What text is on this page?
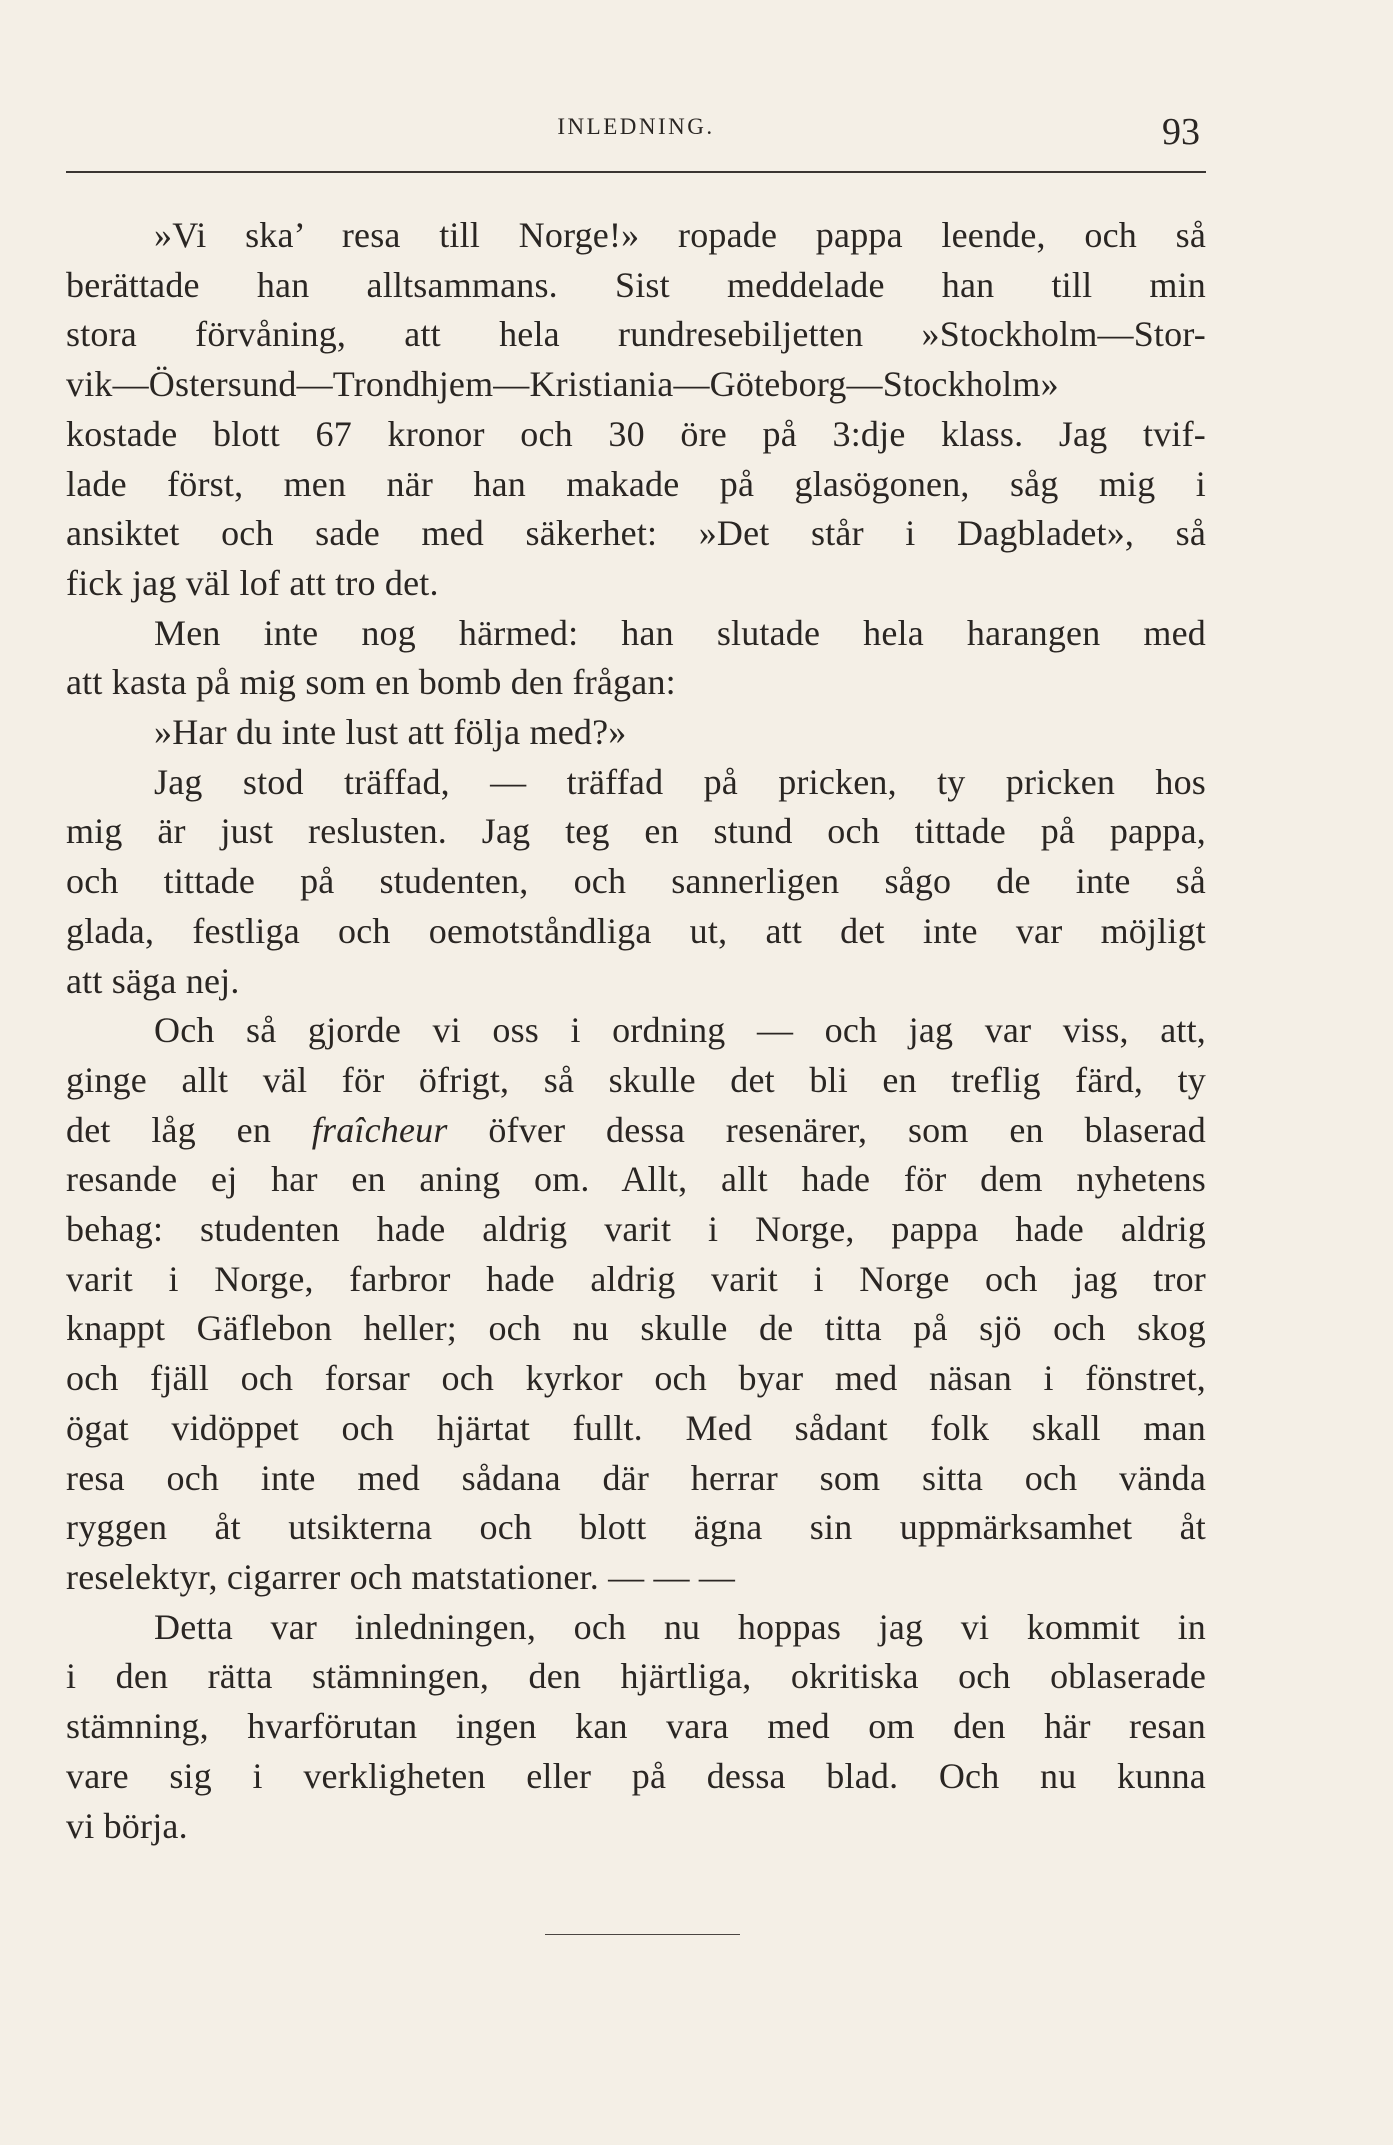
INLEDNING.	93
»Vi ska’ resa till Norge!» ropade pappa leende, och så
berättade han alltsammans. Sist meddelade han till min
stora förvåning, att hela rundresebiljetten »Stockholm—Stor-
vik—Östersund—Trondhjem—Kristiania—Göteborg—Stockholm»
kostade blott 67 kronor och 30 öre på 3:dje klass. Jag tvif-
lade först, men när han makade på glasögonen, såg mig i
ansiktet och sade med säkerhet: »Det står i Dagbladet», så
fick jag väl lof att tro det.
Men inte nog härmed: han slutade hela harangen med
att kasta på mig som en bomb den frågan:
»Har du inte lust att följa med?»
Jag stod träffad, — träffad på pricken, ty pricken hos
mig är just reslusten. Jag teg en stund och tittade på pappa,
och tittade på studenten, och sannerligen sågo de inte så
glada, festliga och oemotståndliga ut, att det inte var möjligt
att säga nej.
Och så gjorde vi oss i ordning — och jag var viss, att,
ginge allt väl för öfrigt, så skulle det bli en treflig färd, ty
det låg en fraîcheur öfver dessa resenärer, som en blaserad
resande ej har en aning om. Allt, allt hade för dem nyhetens
behag: studenten hade aldrig varit i Norge, pappa hade aldrig
varit i Norge, farbror hade aldrig varit i Norge och jag tror
knappt Gäflebon heller; och nu skulle de titta på sjö och skog
och fjäll och forsar och kyrkor och byar med näsan i fönstret,
ögat vidöppet och hjärtat fullt. Med sådant folk skall man
resa och inte med sådana där herrar som sitta och vända
ryggen åt utsikterna och blott ägna sin uppmärksamhet åt
reselektyr, cigarrer och matstationer. — — —
Detta var inledningen, och nu hoppas jag vi kommit in
i den rätta stämningen, den hjärtliga, okritiska och oblaserade
stämning, hvarförutan ingen kan vara med om den här resan
vare sig i verkligheten eller på dessa blad. Och nu kunna
vi börja.
